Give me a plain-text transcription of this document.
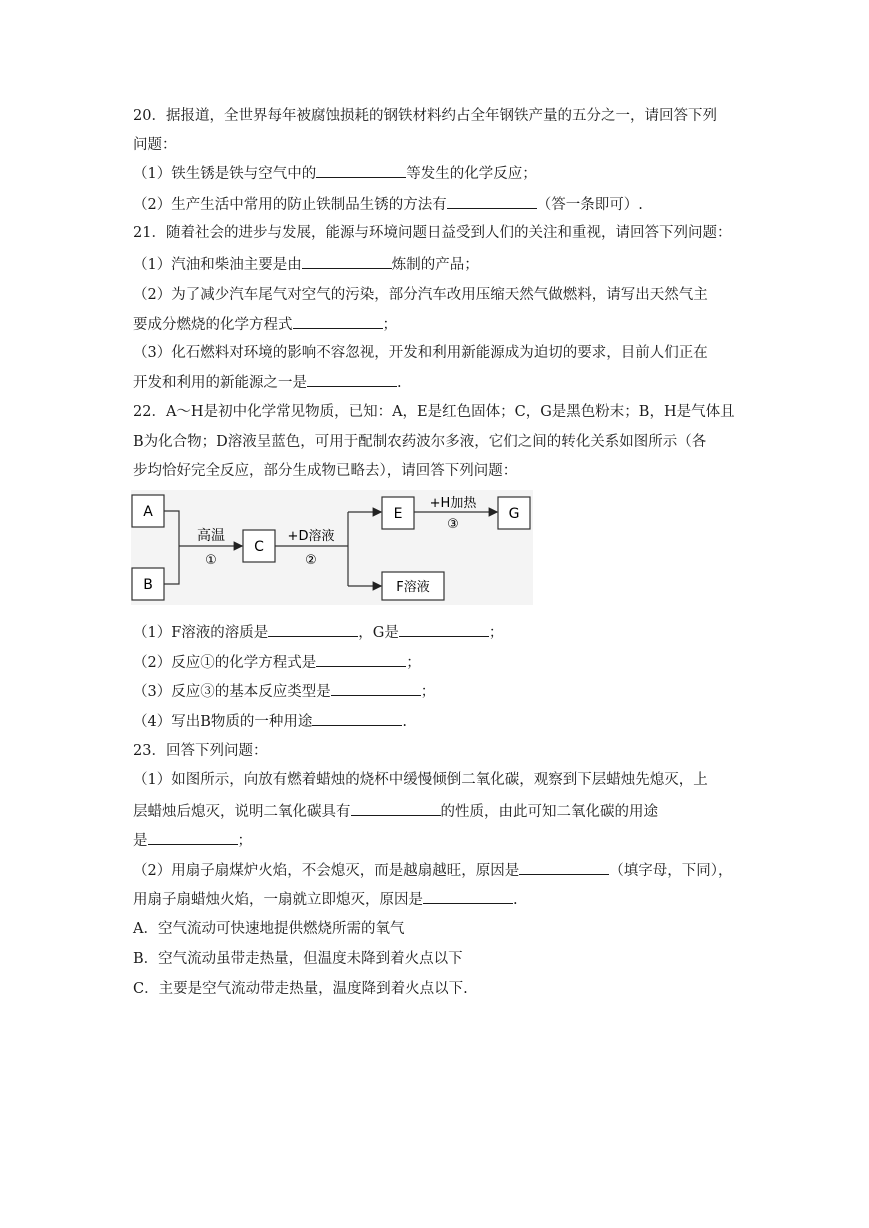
20．据报道，全世界每年被腐蚀损耗的钢铁材料约占全年钢铁产量的五分之一，请回答下列
问题：
（1）铁生锈是铁与空气中的	等发生的化学反应；
（2）生产生活中常用的防止铁制品生锈的方法有	（答一条即可）.
21．随着社会的进步与发展，能源与环境问题日益受到人们的关注和重视，请回答下列问题：
（1）汽油和柴油主要是由	炼制的产品；
（2）为了减少汽车尾气对空气的污染，部分汽车改用压缩天然气做燃料，请写出天然气主
要成分燃烧的化学方程式	；
（3）化石燃料对环境的影响不容忽视，开发和利用新能源成为迫切的要求，目前人们正在
开发和利用的新能源之一是	.
22．A～H是初中化学常见物质，已知：A，E是红色固体；C，G是黑色粉末；B，H是气体且
B为化合物；D溶液呈蓝色，可用于配制农药波尔多液，它们之间的转化关系如图所示（各
步均恰好完全反应，部分生成物已略去），请回答下列问题：
A
B
C
E	G
F溶液
高温
①
+D溶液
②
+H加热
③
（1）F溶液的溶质是	，G是	；
（2）反应①的化学方程式是	；
（3）反应③的基本反应类型是	；
（4）写出B物质的一种用途	.
23．回答下列问题：
（1）如图所示，向放有燃着蜡烛的烧杯中缓慢倾倒二氧化碳，观察到下层蜡烛先熄灭，上
层蜡烛后熄灭，说明二氧化碳具有	的性质，由此可知二氧化碳的用途
是	；
（2）用扇子扇煤炉火焰，不会熄灭，而是越扇越旺，原因是	（填字母，下同），
用扇子扇蜡烛火焰，一扇就立即熄灭，原因是	.
A．空气流动可快速地提供燃烧所需的氧气
B．空气流动虽带走热量，但温度未降到着火点以下
C．主要是空气流动带走热量，温度降到着火点以下.
